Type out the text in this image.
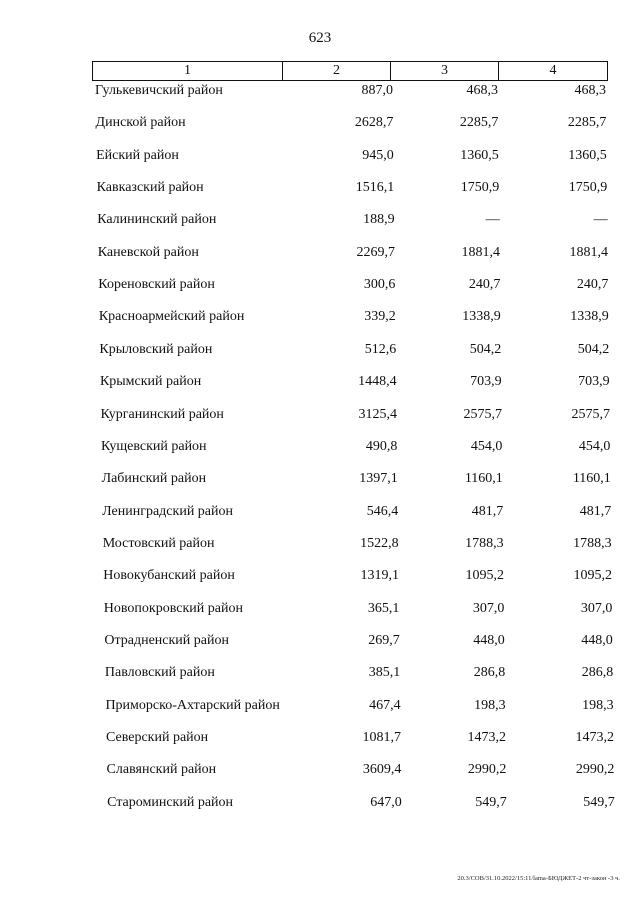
623
1	2	3	4
Гулькевичский район	887,0	468,3	468,3
Динской район	2628,7	2285,7	2285,7
Ейский район	945,0	1360,5	1360,5
Кавказский район	1516,1	1750,9	1750,9
Калининский район	188,9	—	—
Каневской район	2269,7	1881,4	1881,4
Кореновский район	300,6	240,7	240,7
Красноармейский район	339,2	1338,9	1338,9
Крыловский район	512,6	504,2	504,2
Крымский район	1448,4	703,9	703,9
Курганинский район	3125,4	2575,7	2575,7
Кущевский район	490,8	454,0	454,0
Лабинский район	1397,1	1160,1	1160,1
Ленинградский район	546,4	481,7	481,7
Мостовский район	1522,8	1788,3	1788,3
Новокубанский район	1319,1	1095,2	1095,2
Новопокровский район	365,1	307,0	307,0
Отрадненский район	269,7	448,0	448,0
Павловский район	385,1	286,8	286,8
Приморско-Ахтарский район	467,4	198,3	198,3
Северский район	1081,7	1473,2	1473,2
Славянский район	3609,4	2990,2	2990,2
Староминский район	647,0	549,7	549,7
20.3/СОВ/31.10.2022/15:11/lama-БЮДЖЕТ-2 чт-закон -3 ч.
